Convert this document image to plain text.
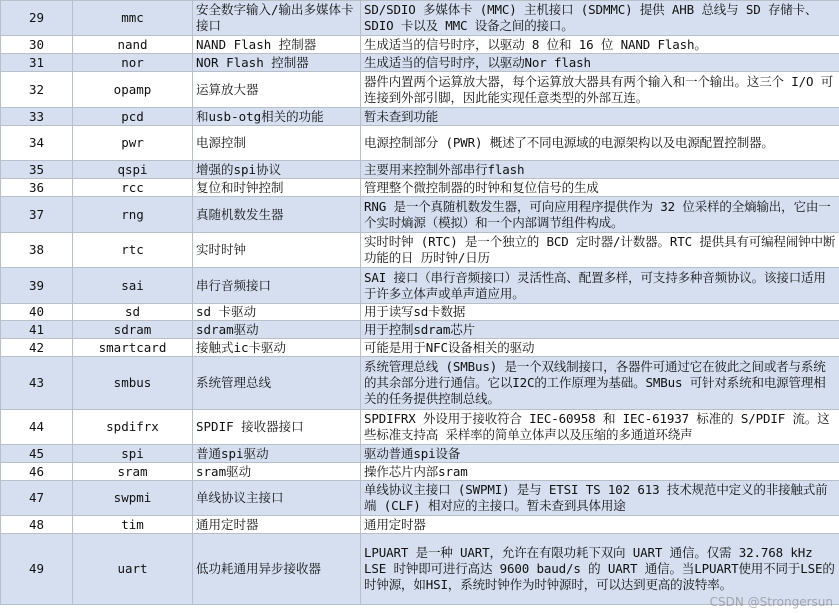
29	mmc	安全数字输入/输出多媒体卡接口	SD/SDIO 多媒体卡 (MMC) 主机接口 (SDMMC) 提供 AHB 总线与 SD 存储卡、SDIO 卡以及 MMC 设备之间的接口。
30	nand	NAND Flash 控制器	生成适当的信号时序，以驱动 8 位和 16 位 NAND Flash。
31	nor	NOR Flash 控制器	生成适当的信号时序，以驱动Nor flash
32	opamp	运算放大器	器件内置两个运算放大器，每个运算放大器具有两个输入和一个输出。这三个 I/O 可连接到外部引脚，因此能实现任意类型的外部互连。
33	pcd	和usb-otg相关的功能	暂未查到功能
34	pwr	电源控制	电源控制部分 (PWR) 概述了不同电源域的电源架构以及电源配置控制器。
35	qspi	增强的spi协议	主要用来控制外部串行flash
36	rcc	复位和时钟控制	管理整个微控制器的时钟和复位信号的生成
37	rng	真随机数发生器	RNG 是一个真随机数发生器，可向应用程序提供作为 32 位采样的全熵输出，它由一个实时熵源（模拟）和一个内部调节组件构成。
38	rtc	实时时钟	实时时钟 (RTC) 是一个独立的 BCD 定时器/计数器。RTC 提供具有可编程闹钟中断功能的日 历时钟/日历
39	sai	串行音频接口	SAI 接口（串行音频接口）灵活性高、配置多样，可支持多种音频协议。该接口适用于许多立体声或单声道应用。
40	sd	sd 卡驱动	用于读写sd卡数据
41	sdram	sdram驱动	用于控制sdram芯片
42	smartcard	接触式ic卡驱动	可能是用于NFC设备相关的驱动
43	smbus	系统管理总线	系统管理总线 (SMBus) 是一个双线制接口，各器件可通过它在彼此之间或者与系统的其余部分进行通信。它以I2C的工作原理为基础。SMBus 可针对系统和电源管理相关的任务提供控制总线。
44	spdifrx	SPDIF 接收器接口	SPDIFRX 外设用于接收符合 IEC-60958 和 IEC-61937 标准的 S/PDIF 流。这些标准支持高 采样率的简单立体声以及压缩的多通道环绕声
45	spi	普通spi驱动	驱动普通spi设备
46	sram	sram驱动	操作芯片内部sram
47	swpmi	单线协议主接口	单线协议主接口 (SWPMI) 是与 ETSI TS 102 613 技术规范中定义的非接触式前端 (CLF) 相对应的主接口。暂未查到具体用途
48	tim	通用定时器	通用定时器
49	uart	低功耗通用异步接收器	LPUART 是一种 UART，允许在有限功耗下双向 UART 通信。仅需 32.768 kHz LSE 时钟即可进行高达 9600 baud/s 的 UART 通信。当LPUART使用不同于LSE的时钟源，如HSI，系统时钟作为时钟源时，可以达到更高的波特率。
CSDN @Strongersun
